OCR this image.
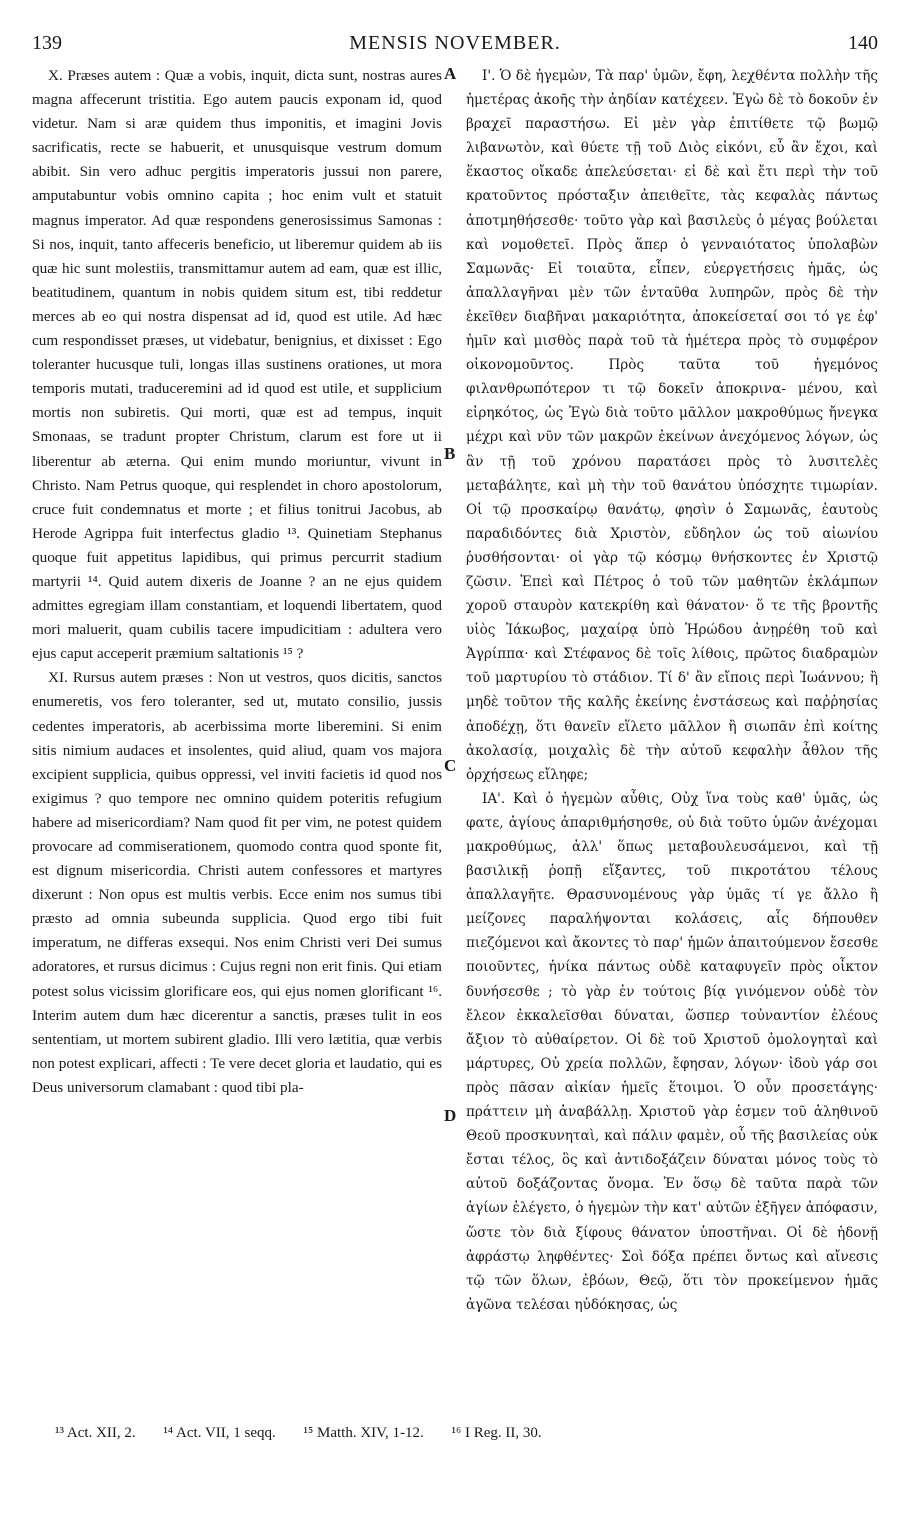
139	MENSIS NOVEMBER.	140

X. Præses autem : Quæ a vobis, inquit, dicta sunt, nostras aures magna affecerunt tristitia. Ego autem paucis exponam id, quod videtur. Nam si aræ quidem thus imponitis, et imagini Jovis sacrificatis, recte se habuerit, et unusquisque vestrum domum abibit. Sin vero adhuc pergitis imperatoris jussui non parere, amputabuntur vobis omnino capita ; hoc enim vult et statuit magnus imperator. Ad quæ respondens generosissimus Samonas : Si nos, inquit, tanto affeceris beneficio, ut liberemur quidem ab iis quæ hic sunt molestiis, transmittamur autem ad eam, quæ est illic, beatitudinem, quantum in nobis quidem situm est, tibi reddetur merces ab eo qui nostra dispensat ad id, quod est utile. Ad hæc cum respondisset præses, ut videbatur, benignius, et dixisset : Ego toleranter hucusque tuli, longas illas sustinens orationes, ut mora temporis mutati, traduceremini ad id quod est utile, et supplicium mortis non subiretis. Qui morti, quæ est ad tempus, inquit Smonaas, se tradunt propter Christum, clarum est fore ut ii liberentur ab æterna. Qui enim mundo moriuntur, vivunt in Christo. Nam Petrus quoque, qui resplendet in choro apostolorum, cruce fuit condemnatus et morte ; et filius tonitrui Jacobus, ab Herode Agrippa fuit interfectus gladio ¹³. Quinetiam Stephanus quoque fuit appetitus lapidibus, qui primus percurrit stadium martyrii ¹⁴. Quid autem dixeris de Joanne ? an ne ejus quidem admittes egregiam illam constantiam, et loquendi libertatem, quod mori maluerit, quam cubilis tacere impudicitiam : adultera vero ejus caput acceperit præmium saltationis ¹⁵ ?

XI. Rursus autem præses : Non ut vestros, quos dicitis, sanctos enumeretis, vos fero toleranter, sed ut, mutato consilio, jussis cedentes imperatoris, ab acerbissima morte liberemini. Si enim sitis nimium audaces et insolentes, quid aliud, quam vos majora excipient supplicia, quibus oppressi, vel inviti facietis id quod nos exigimus ? quo tempore nec omnino quidem poteritis refugium habere ad misericordiam? Nam quod fit per vim, ne potest quidem provocare ad commiserationem, quomodo contra quod sponte fit, est dignum misericordia. Christi autem confessores et martyres dixerunt : Non opus est multis verbis. Ecce enim nos sumus tibi præsto ad omnia subeunda supplicia. Quod ergo tibi fuit imperatum, ne differas exsequi. Nos enim Christi veri Dei sumus adoratores, et rursus dicimus : Cujus regni non erit finis. Qui etiam potest solus vicissim glorificare eos, qui ejus nomen glorificant ¹⁶. Interim autem dum hæc dicerentur a sanctis, præses tulit in eos sententiam, ut mortem subirent gladio. Illi vero lætitia, quæ verbis non potest explicari, affecti : Te vere decet gloria et laudatio, qui es Deus universorum clamabant : quod tibi pla-

A
B
C
D

Ι'. Ὁ δὲ ἡγεμὼν, Τὰ παρ' ὑμῶν, ἔφη, λεχθέντα πολλὴν τῆς ἡμετέρας ἀκοῆς τὴν ἀηδίαν κατέχεεν. Ἐγὼ δὲ τὸ δοκοῦν ἐν βραχεῖ παραστήσω. Εἰ μὲν γὰρ ἐπιτίθετε τῷ βωμῷ λιβανωτὸν, καὶ θύετε τῇ τοῦ Διὸς εἰκόνι, εὖ ἂν ἔχοι, καὶ ἕκαστος οἴκαδε ἀπελεύσεται· εἰ δὲ καὶ ἔτι περὶ τὴν τοῦ κρατοῦντος πρόσταξιν ἀπειθεῖτε, τὰς κεφαλὰς πάντως ἀποτμηθήσεσθε· τοῦτο γὰρ καὶ βασιλεὺς ὁ μέγας βούλεται καὶ νομοθετεῖ. Πρὸς ἅπερ ὁ γενναιότατος ὑπολαβὼν Σαμωνᾶς· Εἰ τοιαῦτα, εἶπεν, εὐεργετήσεις ἡμᾶς, ὡς ἀπαλλαγῆναι μὲν τῶν ἐνταῦθα λυπηρῶν, πρὸς δὲ τὴν ἐκεῖθεν διαβῆναι μακαριότητα, ἀποκείσεταί σοι τό γε ἐφ' ἡμῖν καὶ μισθὸς παρὰ τοῦ τὰ ἡμέτερα πρὸς τὸ συμφέρον οἰκονομοῦντος. Πρὸς ταῦτα τοῦ ἡγεμόνος φιλανθρωπότερον τι τῷ δοκεῖν ἀποκρινα- μένου, καὶ εἰρηκότος, ὡς Ἐγὼ διὰ τοῦτο μᾶλλον μακροθύμως ἤνεγκα μέχρι καὶ νῦν τῶν μακρῶν ἐκείνων ἀνεχόμενος λόγων, ὡς ἂν τῇ τοῦ χρόνου παρατάσει πρὸς τὸ λυσιτελὲς μεταβάλητε, καὶ μὴ τὴν τοῦ θανάτου ὑπόσχητε τιμωρίαν. Οἱ τῷ προσκαίρῳ θανάτῳ, φησὶν ὁ Σαμωνᾶς, ἑαυτοὺς παραδιδόντες διὰ Χριστὸν, εὔδηλον ὡς τοῦ αἰωνίου ῥυσθήσονται· οἱ γὰρ τῷ κόσμῳ θνήσκοντες ἐν Χριστῷ ζῶσιν. Ἐπεὶ καὶ Πέτρος ὁ τοῦ τῶν μαθητῶν ἐκλάμπων χοροῦ σταυρὸν κατεκρίθη καὶ θάνατον· ὅ τε τῆς βροντῆς υἱὸς Ἰάκωβος, μαχαίρᾳ ὑπὸ Ἡρώδου ἀνῃρέθη τοῦ καὶ Ἀγρίππα· καὶ Στέφανος δὲ τοῖς λίθοις, πρῶτος διαδραμὼν τοῦ μαρτυρίου τὸ στάδιον. Τί δ' ἂν εἴποις περὶ Ἰωάννου; ἢ μηδὲ τοῦτον τῆς καλῆς ἐκείνης ἐνστάσεως καὶ παῤῥησίας ἀποδέχῃ, ὅτι θανεῖν εἵλετο μᾶλλον ἢ σιωπᾶν ἐπὶ κοίτης ἀκολασίᾳ, μοιχαλὶς δὲ τὴν αὐτοῦ κεφαλὴν ἆθλον τῆς ὀρχήσεως εἴληφε;

ΙΑ'. Καὶ ὁ ἡγεμὼν αὖθις, Οὐχ ἵνα τοὺς καθ' ὑμᾶς, ὡς φατε, ἁγίους ἀπαριθμήσησθε, οὐ διὰ τοῦτο ὑμῶν ἀνέχομαι μακροθύμως, ἀλλ' ὅπως μεταβουλευσάμενοι, καὶ τῇ βασιλικῇ ῥοπῇ εἴξαντες, τοῦ πικροτάτου τέλους ἀπαλλαγῆτε. Θρασυνομένους γὰρ ὑμᾶς τί γε ἄλλο ἢ μείζονες παραλήψονται κολάσεις, αἷς δήπουθεν πιεζόμενοι καὶ ἄκοντες τὸ παρ' ἡμῶν ἀπαιτούμενον ἔσεσθε ποιοῦντες, ἡνίκα πάντως οὐδὲ καταφυγεῖν πρὸς οἶκτον δυνήσεσθε ; τὸ γὰρ ἐν τούτοις βίᾳ γινόμενον οὐδὲ τὸν ἔλεον ἐκκαλεῖσθαι δύναται, ὥσπερ τοὐναντίον ἐλέους ἄξιον τὸ αὐθαίρετον. Οἱ δὲ τοῦ Χριστοῦ ὁμολογηταὶ καὶ μάρτυρες, Οὐ χρεία πολλῶν, ἔφησαν, λόγων· ἰδοὺ γάρ σοι πρὸς πᾶσαν αἰκίαν ἡμεῖς ἕτοιμοι. Ὁ οὖν προσετάγης· πράττειν μὴ ἀναβάλλῃ. Χριστοῦ γὰρ ἐσμεν τοῦ ἀληθινοῦ Θεοῦ προσκυνηταὶ, καὶ πάλιν φαμὲν, οὗ τῆς βασιλείας οὐκ ἔσται τέλος, ὃς καὶ ἀντιδοξάζειν δύναται μόνος τοὺς τὸ αὐτοῦ δοξάζοντας ὄνομα. Ἐν ὅσῳ δὲ ταῦτα παρὰ τῶν ἁγίων ἐλέγετο, ὁ ἡγεμὼν τὴν κατ' αὐτῶν ἐξῆγεν ἀπόφασιν, ὥστε τὸν διὰ ξίφους θάνατον ὑποστῆναι. Οἱ δὲ ἡδονῇ ἀφράστῳ ληφθέντες· Σοὶ δόξα πρέπει ὄντως καὶ αἴνεσις τῷ τῶν ὅλων, ἐβόων, Θεῷ, ὅτι τὸν προκείμενον ἡμᾶς ἀγῶνα τελέσαι ηὐδόκησας, ὡς

¹³ Act. XII, 2. ¹⁴ Act. VII, 1 seqq. ¹⁵ Matth. XIV, 1-12. ¹⁶ I Reg. II, 30.
